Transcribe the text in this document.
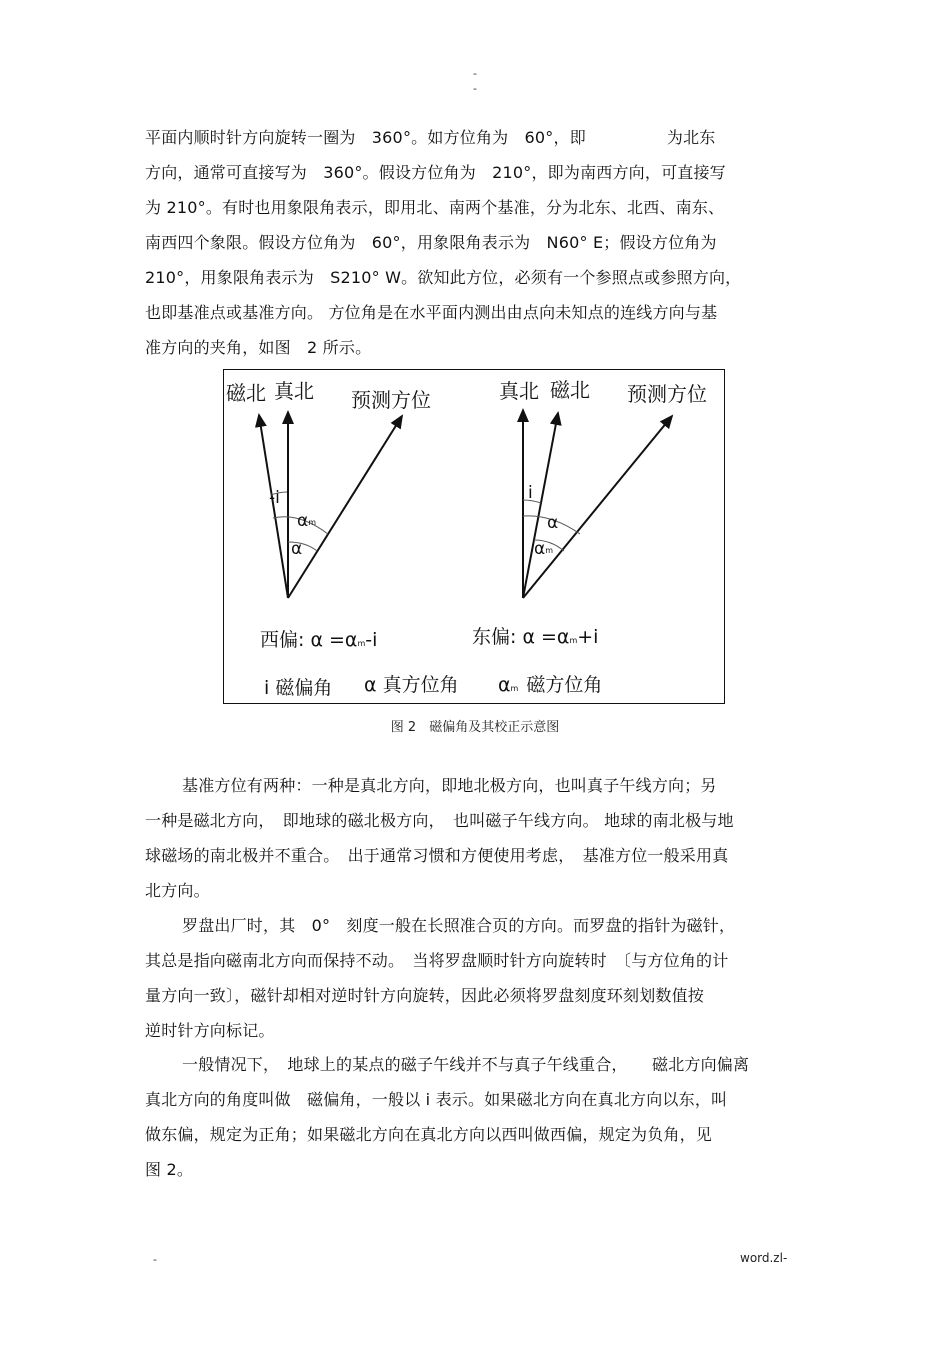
-
-
平面内顺时针方向旋转一圈为　360°。如方位角为　60°，即　　　　　为北东
方向，通常可直接写为　360°。假设方位角为　210°，即为南西方向，可直接写
为 210°。有时也用象限角表示，即用北、南两个基准，分为北东、北西、南东、
南西四个象限。假设方位角为　60°，用象限角表示为　N60° E；假设方位角为
210°，用象限角表示为　S210° W。欲知此方位，必须有一个参照点或参照方向，
也即基准点或基准方向。 方位角是在水平面内测出由点向未知点的连线方向与基
准方向的夹角，如图　2 所示。
磁北 真北 预测方位
-i
αm
α
西偏: α =αm-i
真北 磁北 预测方位
i
α
αm
东偏: α =αm+i
i 磁偏角 α 真方位角 αm 磁方位角
图 2　磁偏角及其校正示意图
基准方位有两种：一种是真北方向，即地北极方向，也叫真子午线方向；另
一种是磁北方向，　即地球的磁北极方向，　也叫磁子午线方向。 地球的南北极与地
球磁场的南北极并不重合。　出于通常习惯和方便使用考虑，　基准方位一般采用真
北方向。
罗盘出厂时，其　0°　刻度一般在长照准合页的方向。而罗盘的指针为磁针，
其总是指向磁南北方向而保持不动。　当将罗盘顺时针方向旋转时　〔与方位角的计
量方向一致〕，磁针却相对逆时针方向旋转，因此必须将罗盘刻度环刻划数值按
逆时针方向标记。
一般情况下，　地球上的某点的磁子午线并不与真子午线重合，　　磁北方向偏离
真北方向的角度叫做　磁偏角，一般以 i 表示。如果磁北方向在真北方向以东，叫
做东偏，规定为正角；如果磁北方向在真北方向以西叫做西偏，规定为负角，见
图 2。
-	word.zl-
